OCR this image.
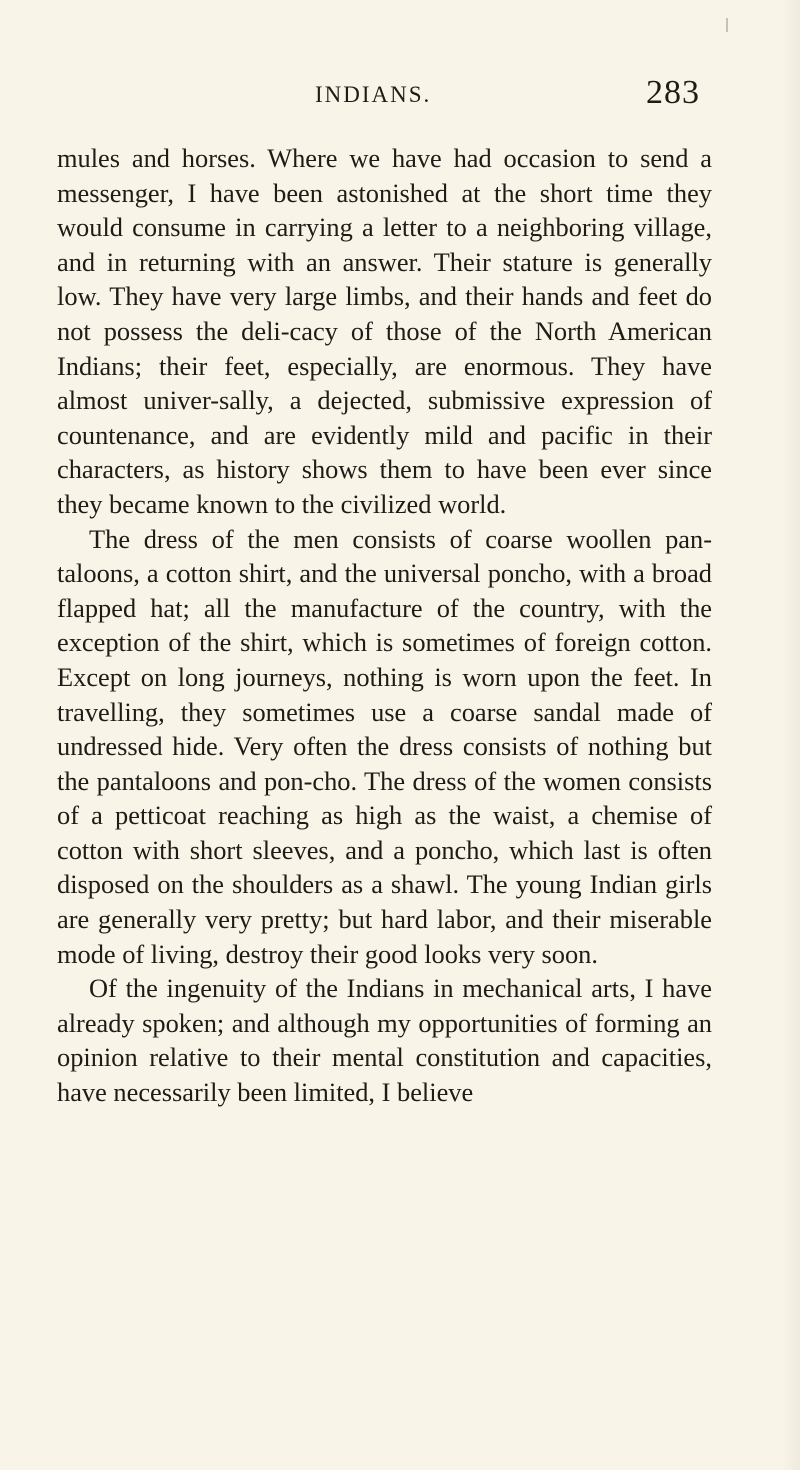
INDIANS.	283

mules and horses. Where we have had occasion to send a messenger, I have been astonished at the short time they would consume in carrying a letter to a neighboring village, and in returning with an answer. Their stature is generally low. They have very large limbs, and their hands and feet do not possess the deli-cacy of those of the North American Indians; their feet, especially, are enormous. They have almost univer-sally, a dejected, submissive expression of countenance, and are evidently mild and pacific in their characters, as history shows them to have been ever since they became known to the civilized world.

The dress of the men consists of coarse woollen pan-taloons, a cotton shirt, and the universal poncho, with a broad flapped hat; all the manufacture of the country, with the exception of the shirt, which is sometimes of foreign cotton. Except on long journeys, nothing is worn upon the feet. In travelling, they sometimes use a coarse sandal made of undressed hide. Very often the dress consists of nothing but the pantaloons and pon-cho. The dress of the women consists of a petticoat reaching as high as the waist, a chemise of cotton with short sleeves, and a poncho, which last is often disposed on the shoulders as a shawl. The young Indian girls are generally very pretty; but hard labor, and their miserable mode of living, destroy their good looks very soon.

Of the ingenuity of the Indians in mechanical arts, I have already spoken; and although my opportunities of forming an opinion relative to their mental constitution and capacities, have necessarily been limited, I believe
